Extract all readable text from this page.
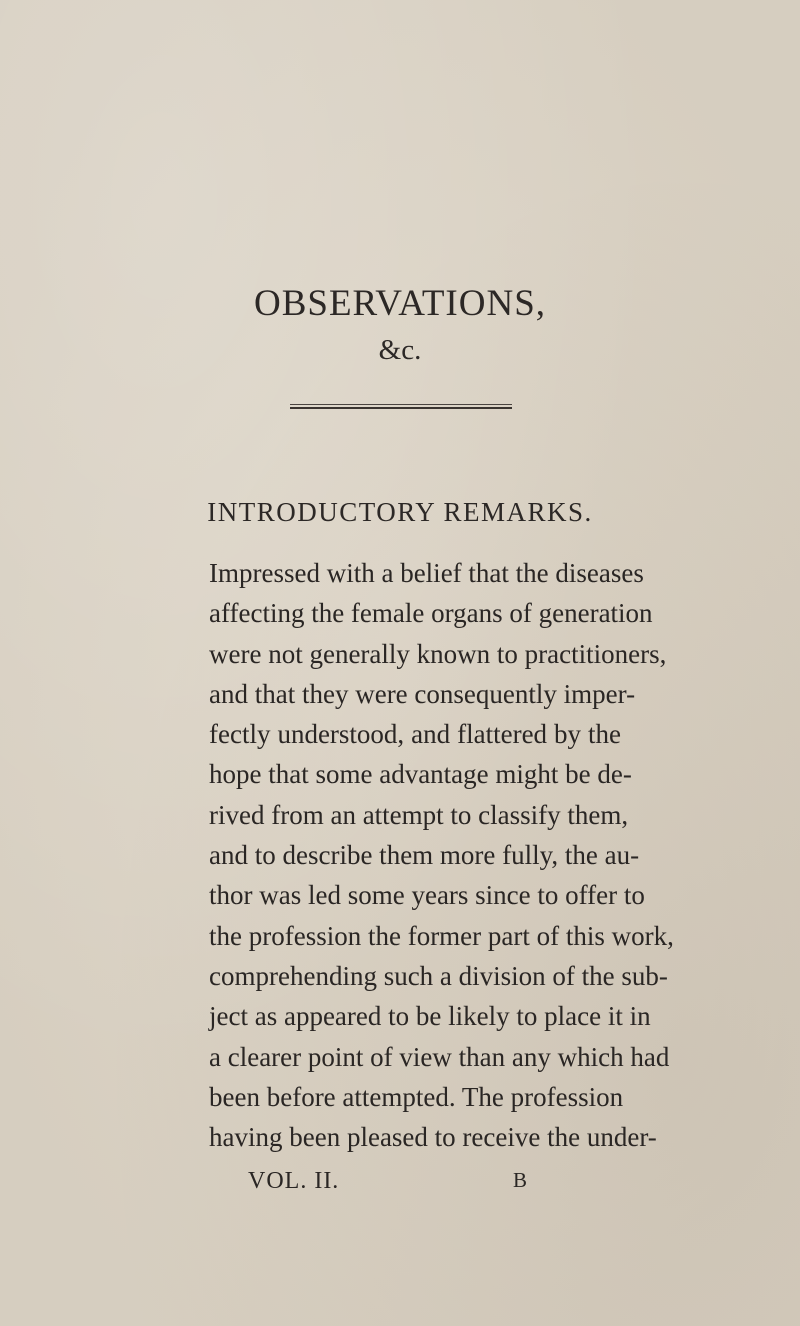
OBSERVATIONS,
&c.
INTRODUCTORY REMARKS.
Impressed with a belief that the diseases
affecting the female organs of generation
were not generally known to practitioners,
and that they were consequently imper-
fectly understood, and flattered by the
hope that some advantage might be de-
rived from an attempt to classify them,
and to describe them more fully, the au-
thor was led some years since to offer to
the profession the former part of this work,
comprehending such a division of the sub-
ject as appeared to be likely to place it in
a clearer point of view than any which had
been before attempted. The profession
having been pleased to receive the under-
VOL. II.	B
